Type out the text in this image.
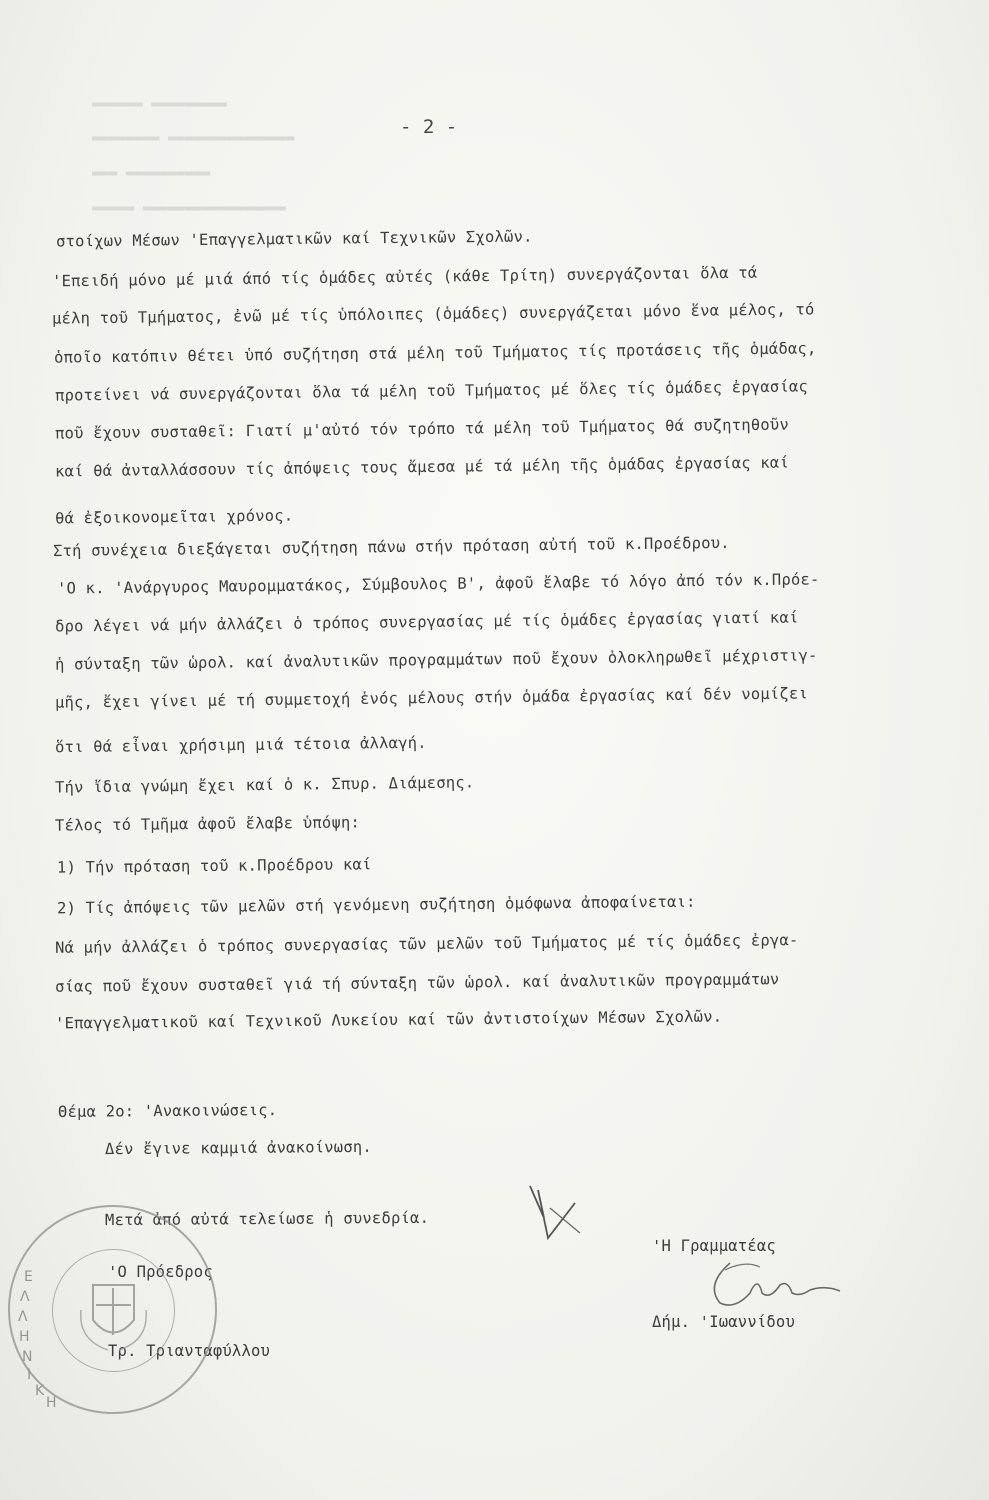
▬▬▬▬▬▬ ▬▬▬▬▬▬▬▬▬
▬▬▬▬▬▬▬▬ ▬▬▬▬▬▬▬▬▬▬▬▬▬▬▬
▬▬▬ ▬▬▬▬▬▬▬▬▬▬
▬▬▬▬▬ ▬▬▬▬▬▬▬▬▬▬▬▬▬▬▬▬▬
- 2 -
στοίχων Μέσων 'Επαγγελματικῶν καί Τεχνικῶν Σχολῶν.
'Επειδή μόνο μέ μιά άπό τίς ὁμάδες αὐτές (κάθε Τρίτη) συνεργάζονται ὅλα τά
μέλη τοῦ Τμήματος, ἐνῶ μέ τίς ὑπόλοιπες (ὁμάδες) συνεργάζεται μόνο ἕνα μέλος, τό
ὁποῖο κατόπιν θέτει ὑπό συζήτηση στά μέλη τοῦ Τμήματος τίς προτάσεις τῆς ὁμάδας,
προτείνει νά συνεργάζονται ὅλα τά μέλη τοῦ Τμήματος μέ ὅλες τίς ὁμάδες ἐργασίας
ποῦ ἔχουν συσταθεῖ: Γιατί μ'αὐτό τόν τρόπο τά μέλη τοῦ Τμήματος θά συζητηθοῦν
καί θά ἀνταλλάσσουν τίς ἀπόψεις τους ἄμεσα μέ τά μέλη τῆς ὁμάδας ἐργασίας καί
θά ἐξοικονομεῖται χρόνος.
Στή συνέχεια διεξάγεται συζήτηση πάνω στήν πρόταση αὐτή τοῦ κ.Προέδρου.
'Ο κ. 'Ανάργυρος Μαυρομματάκος, Σύμβουλος Β', ἀφοῦ ἔλαβε τό λόγο ἀπό τόν κ.Πρόε-
δρο λέγει νά μήν ἀλλάζει ὁ τρόπος συνεργασίας μέ τίς ὁμάδες ἐργασίας γιατί καί
ἡ σύνταξη τῶν ὡρολ. καί ἀναλυτικῶν προγραμμάτων ποῦ ἔχουν ὁλοκληρωθεῖ μέχριστιγ-
μῆς, ἔχει γίνει μέ τή συμμετοχή ἑνός μέλους στήν ὁμάδα ἐργασίας καί δέν νομίζει
ὅτι θά εἶναι χρήσιμη μιά τέτοια ἀλλαγή.
Τήν ἴδια γνώμη ἔχει καί ὁ κ. Σπυρ. Διάμεσης.
Τέλος τό Τμῆμα ἀφοῦ ἔλαβε ὑπόψη:
1) Τήν πρόταση τοῦ κ.Προέδρου καί
2) Τίς ἀπόψεις τῶν μελῶν στή γενόμενη συζήτηση ὁμόφωνα ἀποφαίνεται:
Νά μήν ἀλλάζει ὁ τρόπος συνεργασίας τῶν μελῶν τοῦ Τμήματος μέ τίς ὁμάδες ἐργα-
σίας ποῦ ἔχουν συσταθεῖ γιά τή σύνταξη τῶν ὡρολ. καί ἀναλυτικῶν προγραμμάτων
'Επαγγελματικοῦ καί Τεχνικοῦ Λυκείου καί τῶν ἀντιστοίχων Μέσων Σχολῶν.
Θέμα 2ο: 'Ανακοινώσεις.
Δέν ἔγινε καμμιά ἀνακοίνωση.
Μετά ἀπό αὐτά τελείωσε ἡ συνεδρία.
'Ο Πρόεδρος
Τρ. Τριανταφύλλου
'Η Γραμματέας
Δήμ. 'Ιωαννίδου
Ε
Λ
Λ
Η
Ν
Ι
Κ
Η
